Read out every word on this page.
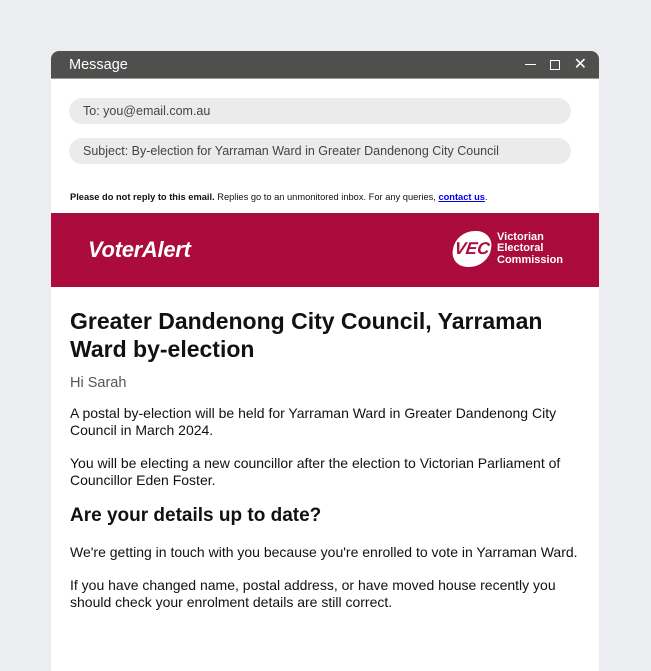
Message	✕
To: you@email.com.au
Subject: By-election for Yarraman Ward in Greater Dandenong City Council
Please do not reply to this email. Replies go to an unmonitored inbox. For any queries, contact us.
VoterAlert	VEC
Victorian
Electoral
Commission
Greater Dandenong City Council, Yarraman Ward by-election
Hi Sarah

A postal by-election will be held for Yarraman Ward in Greater Dandenong City Council in March 2024.

You will be electing a new councillor after the election to Victorian Parliament of Councillor Eden Foster.

Are your details up to date?

We're getting in touch with you because you're enrolled to vote in Yarraman Ward.

If you have changed name, postal address, or have moved house recently you should check your enrolment details are still correct.
